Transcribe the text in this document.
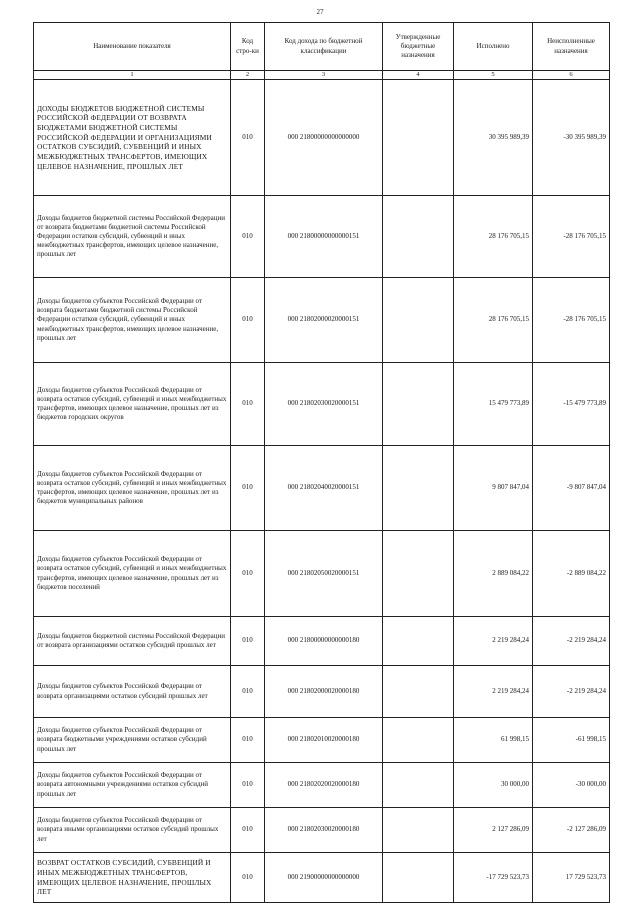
27
Наименование показателя	Код стро-ки	Код дохода по бюджетной классификации	Утвержденные бюджетные назначения	Исполнено	Неисполненные назначения
1	2	3	4	5	6
ДОХОДЫ БЮДЖЕТОВ БЮДЖЕТНОЙ СИСТЕМЫ РОССИЙСКОЙ ФЕДЕРАЦИИ ОТ ВОЗВРАТА БЮДЖЕТАМИ БЮДЖЕТНОЙ СИСТЕМЫ РОССИЙСКОЙ ФЕДЕРАЦИИ И ОРГАНИЗАЦИЯМИ ОСТАТКОВ СУБСИДИЙ, СУБВЕНЦИЙ И ИНЫХ МЕЖБЮДЖЕТНЫХ ТРАНСФЕРТОВ, ИМЕЮЩИХ ЦЕЛЕВОЕ НАЗНАЧЕНИЕ, ПРОШЛЫХ ЛЕТ	010	000 21800000000000000		30 395 989,39	-30 395 989,39
Доходы бюджетов бюджетной системы Российской Федерации от возврата бюджетами бюджетной системы Российской Федерации остатков субсидий, субвенций и иных межбюджетных трансфертов, имеющих целевое назначение, прошлых лет	010	000 21800000000000151		28 176 705,15	-28 176 705,15
Доходы бюджетов субъектов Российской Федерации от возврата бюджетами бюджетной системы Российской Федерации остатков субсидий, субвенций и иных межбюджетных трансфертов, имеющих целевое назначение, прошлых лет	010	000 21802000020000151		28 176 705,15	-28 176 705,15
Доходы бюджетов субъектов Российской Федерации от возврата остатков субсидий, субвенций и иных межбюджетных трансфертов, имеющих целевое назначение, прошлых лет из бюджетов городских округов	010	000 21802030020000151		15 479 773,89	-15 479 773,89
Доходы бюджетов субъектов Российской Федерации от возврата остатков субсидий, субвенций и иных межбюджетных трансфертов, имеющих целевое назначение, прошлых лет из бюджетов муниципальных районов	010	000 21802040020000151		9 807 847,04	-9 807 847,04
Доходы бюджетов субъектов Российской Федерации от возврата остатков субсидий, субвенций и иных межбюджетных трансфертов, имеющих целевое назначение, прошлых лет из бюджетов поселений	010	000 21802050020000151		2 889 084,22	-2 889 084,22
Доходы бюджетов бюджетной системы Российской Федерации от возврата организациями остатков субсидий прошлых лет	010	000 21800000000000180		2 219 284,24	-2 219 284,24
Доходы бюджетов субъектов Российской Федерации от возврата организациями остатков субсидий прошлых лет	010	000 21802000020000180		2 219 284,24	-2 219 284,24
Доходы бюджетов субъектов Российской Федерации от возврата бюджетными учреждениями остатков субсидий прошлых лет	010	000 21802010020000180		61 998,15	-61 998,15
Доходы бюджетов субъектов Российской Федерации от возврата автономными учреждениями остатков субсидий прошлых лет	010	000 21802020020000180		30 000,00	-30 000,00
Доходы бюджетов субъектов Российской Федерации от возврата иными организациями остатков субсидий прошлых лет	010	000 21802030020000180		2 127 286,09	-2 127 286,09
ВОЗВРАТ ОСТАТКОВ СУБСИДИЙ, СУБВЕНЦИЙ И ИНЫХ МЕЖБЮДЖЕТНЫХ ТРАНСФЕРТОВ, ИМЕЮЩИХ ЦЕЛЕВОЕ НАЗНАЧЕНИЕ, ПРОШЛЫХ ЛЕТ	010	000 21900000000000000		-17 729 523,73	17 729 523,73
